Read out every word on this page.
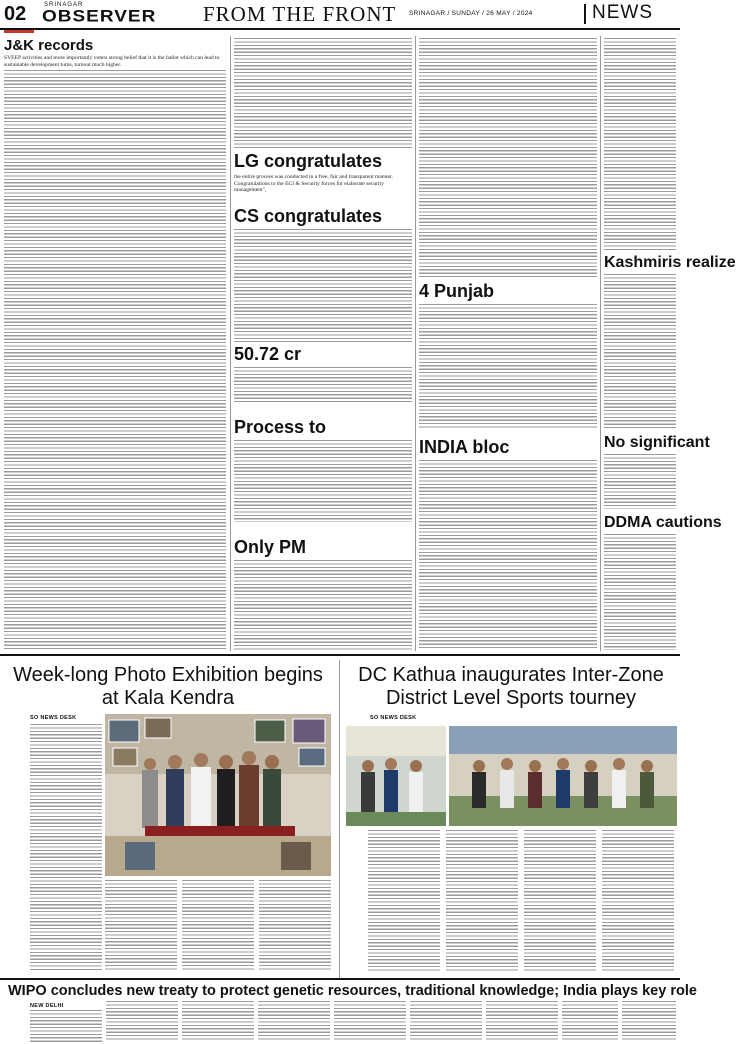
02	SRINAGAR
OBSERVER FROM THE FRONT SRINAGAR / SUNDAY / 26 MAY / 2024	NEWS
J&K records
SVEEP activities and more importantly voters strong belief that it is the ballot which can lead to sustainable development turns, turnout much higher.
LG congratulates
the entire process was conducted in a free, fair and transparent manner. Congratulations to the ECI & Security forces for elaborate security management",
CS congratulates
50.72 cr
Process to
Only PM
4 Punjab
INDIA bloc
Kashmiris realize
No significant
DDMA cautions
Week-long Photo Exhibition begins at Kala Kendra
SO NEWS DESK
DC Kathua inaugurates Inter-Zone District Level Sports tourney
SO NEWS DESK
WIPO concludes new treaty to protect genetic resources, traditional knowledge; India plays key role
NEW DELHI
